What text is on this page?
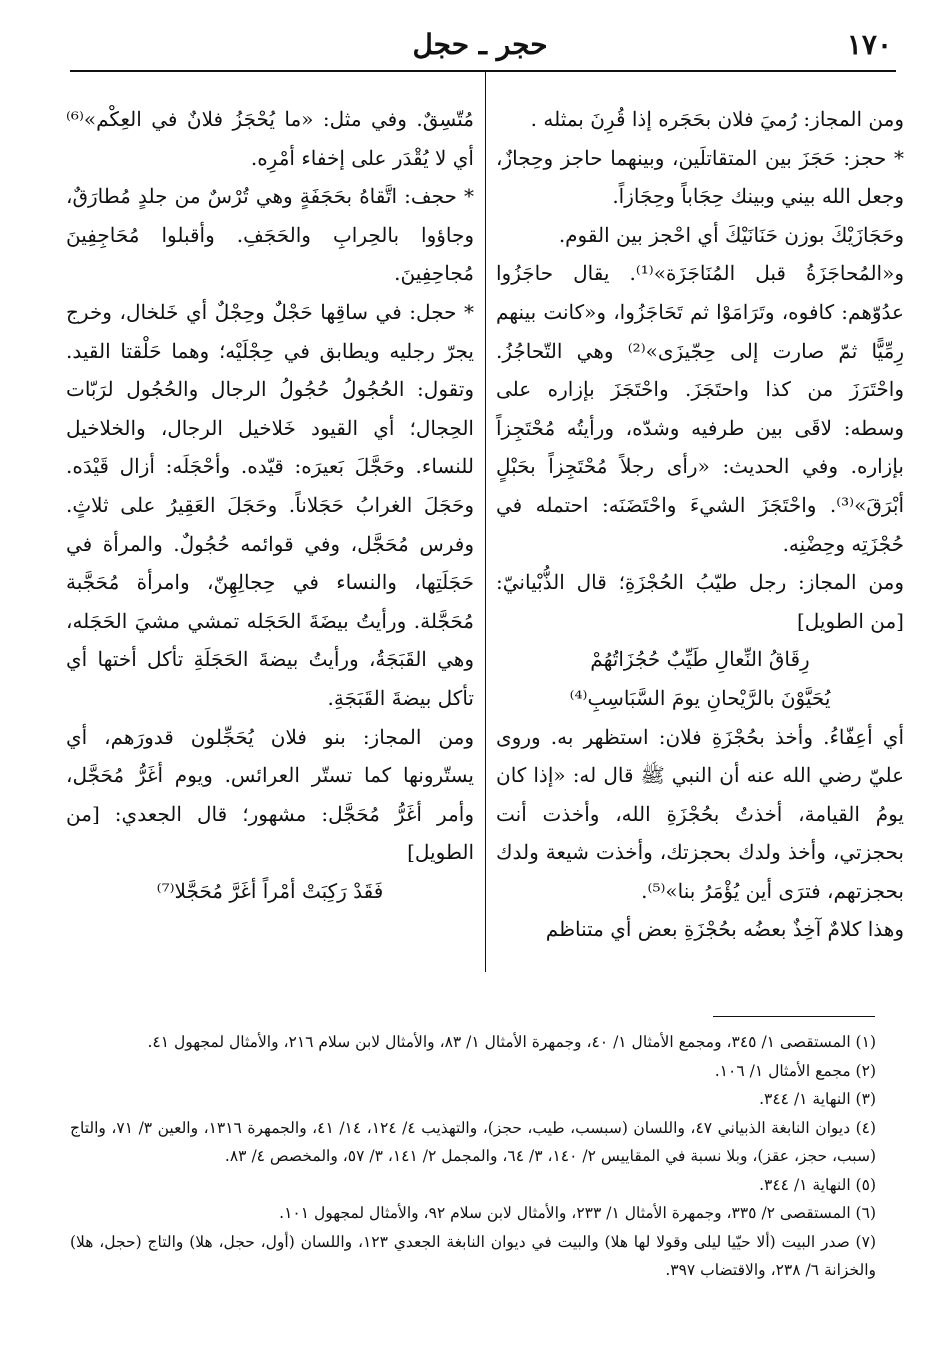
١٧٠
حجر ـ حجل

ومن المجاز: رُميَ فلان بحَجَره إذا قُرِنَ بمثله .

* حجز: حَجَزَ بين المتقاتلَين، وبينهما حاجز وحِجازٌ، وجعل الله بيني وبينك حِجَاباً وحِجَازاً.

وحَجَازَيْكَ بوزن حَنَانَيْكَ أي احْجز بين القوم.

و«المُحاجَزَةُ قبل المُنَاجَزَة»⁽¹⁾. يقال حاجَزُوا عدُوّهم: كافوه، وتَرَامَوْا ثم تَحَاجَزُوا، و«كانت بينهم رِمِّيًّا ثمّ صارت إلى حِجّيزَى»⁽²⁾ وهي التّحاجُزُ. واحْتَرَزَ من كذا واحتَجَزَ. واحْتَجَزَ بإزاره على وسطه: لاقَى بين طرفيه وشدّه، ورأيتُه مُحْتَجِزاً بإزاره. وفي الحديث: «رأى رجلاً مُحْتَجِزاً بحَبْلٍ أبْرَقَ»⁽³⁾. واحْتَجَزَ الشيءَ واحْتَضَنَه: احتمله في حُجْزَتِه وحِضْنِه.

ومن المجاز: رجل طيّبُ الحُجْزَةِ؛ قال الذُّبْيانيّ: [من الطويل]

رِقَاقُ النِّعالِ طَيِّبٌ حُجُزَاتُهُمْ

يُحَيَّوْنَ بالرَّيْحانِ يومَ السَّبَاسِبِ⁽⁴⁾

أي أعِفّاءُ. وأخذ بحُجْزَةِ فلان: استظهر به. وروى عليّ رضي الله عنه أن النبي ﷺ قال له: «إذا كان يومُ القيامة، أخذتُ بحُجْزَةِ الله، وأخذت أنت بحجزتي، وأخذ ولدك بحجزتك، وأخذت شيعة ولدك بحجزتهم، فترَى أين يُؤْمَرُ بنا»⁽⁵⁾.

وهذا كلامٌ آخِذٌ بعضُه بحُجْزَةِ بعض أي متناظم

مُتّسِقٌ. وفي مثل: «ما يُحْجَزُ فلانٌ في العِكْم»⁽⁶⁾ أي لا يُقْدَر على إخفاء أمْرِه.

* حجف: اتَّقاهُ بحَجَفَةٍ وهي تُرْسٌ من جلدٍ مُطارَقٌ، وجاؤوا بالحِرابِ والحَجَفِ. وأقبلوا مُحَاجِفِينَ مُجاحِفِينَ.

* حجل: في ساقِها حَجْلٌ وحِجْلٌ أي خَلخال، وخرج يجرّ رجليه ويطابق في حِجْلَيْه؛ وهما حَلْقتا القيد. وتقول: الحُجُولُ حُجُولُ الرجال والحُجُول لرَبّات الحِجال؛ أي القيود خَلاخيل الرجال، والخلاخيل للنساء. وحَجَّلَ بَعيرَه: قيّده. وأحْجَلَه: أزال قَيْدَه. وحَجَلَ الغرابُ حَجَلاناً. وحَجَلَ العَقِيرُ على ثلاثٍ. وفرس مُحَجَّل، وفي قوائمه حُجُولٌ. والمرأة في حَجَلَتِها، والنساء في حِجالِهِنّ، وامرأة مُحَجَّبة مُحَجَّلة. ورأيتُ بيضَةَ الحَجَله تمشي مشيَ الحَجَله، وهي القَبَجَةُ، ورأيتُ بيضةَ الحَجَلَةِ تأكل أختها أي تأكل بيضةَ القَبَجَةِ.

ومن المجاز: بنو فلان يُحَجِّلون قدورَهم، أي يستّرونها كما تستّر العرائس. ويوم أغَرُّ مُحَجَّل، وأمر أغَرُّ مُحَجَّل: مشهور؛ قال الجعدي: [من الطويل]

فَقَدْ رَكِبَتْ أمْراً أغَرَّ مُحَجَّلا⁽⁷⁾

(١) المستقصى ١/ ٣٤٥، ومجمع الأمثال ١/ ٤٠، وجمهرة الأمثال ١/ ٨٣، والأمثال لابن سلام ٢١٦، والأمثال لمجهول ٤١.

(٢) مجمع الأمثال ١/ ١٠٦.

(٣) النهاية ١/ ٣٤٤.

(٤) ديوان النابغة الذبياني ٤٧، واللسان (سبسب، طيب، حجز)، والتهذيب ٤/ ١٢٤، ١٤/ ٤١، والجمهرة ١٣١٦، والعين ٣/ ٧١، والتاج (سبب، حجز، عقز)، وبلا نسبة في المقاييس ٢/ ١٤٠، ٣/ ٦٤، والمجمل ٢/ ١٤١، ٣/ ٥٧، والمخصص ٤/ ٨٣.

(٥) النهاية ١/ ٣٤٤.

(٦) المستقصى ٢/ ٣٣٥، وجمهرة الأمثال ١/ ٢٣٣، والأمثال لابن سلام ٩٢، والأمثال لمجهول ١٠١.

(٧) صدر البيت (ألا حيّيا ليلى وقولا لها هلا) والبيت في ديوان النابغة الجعدي ١٢٣، واللسان (أول، حجل، هلا) والتاج (حجل، هلا) والخزانة ٦/ ٢٣٨، والاقتضاب ٣٩٧.
